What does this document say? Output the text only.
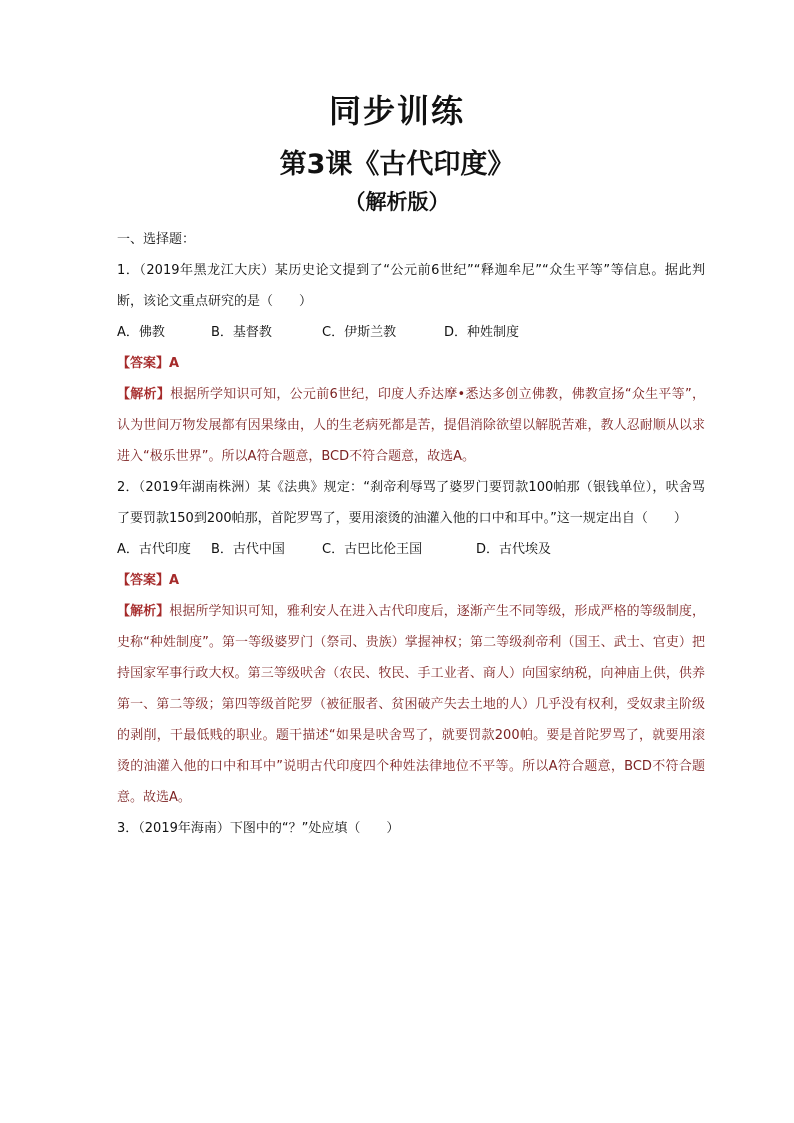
同步训练
第3课《古代印度》
（解析版）

一、选择题：

1．（2019年黑龙江大庆）某历史论文提到了“公元前6世纪”“释迦牟尼”“众生平等”等信息。据此判断，该论文重点研究的是（　　）

A．佛教	B．基督教	C．伊斯兰教	D．种姓制度

【答案】A

【解析】根据所学知识可知，公元前6世纪，印度人乔达摩•悉达多创立佛教，佛教宣扬“众生平等”，认为世间万物发展都有因果缘由，人的生老病死都是苦，提倡消除欲望以解脱苦难，教人忍耐顺从以求进入“极乐世界”。所以A符合题意，BCD不符合题意，故选A。

2．（2019年湖南株洲）某《法典》规定：“刹帝利辱骂了婆罗门要罚款100帕那（银钱单位），吠舍骂了要罚款150到200帕那，首陀罗骂了，要用滚烫的油灌入他的口中和耳中。”这一规定出自（　　）

A．古代印度	B．古代中国	C．古巴比伦王国	D．古代埃及

【答案】A

【解析】根据所学知识可知，雅利安人在进入古代印度后，逐渐产生不同等级，形成严格的等级制度，史称“种姓制度”。第一等级婆罗门（祭司、贵族）掌握神权；第二等级刹帝利（国王、武士、官吏）把持国家军事行政大权。第三等级吠舍（农民、牧民、手工业者、商人）向国家纳税，向神庙上供，供养第一、第二等级；第四等级首陀罗（被征服者、贫困破产失去土地的人）几乎没有权利，受奴隶主阶级的剥削，干最低贱的职业。题干描述“如果是吠舍骂了，就要罚款200帕。要是首陀罗骂了，就要用滚烫的油灌入他的口中和耳中”说明古代印度四个种姓法律地位不平等。所以A符合题意，BCD不符合题意。故选A。

3．（2019年海南）下图中的“？”处应填（　　）
